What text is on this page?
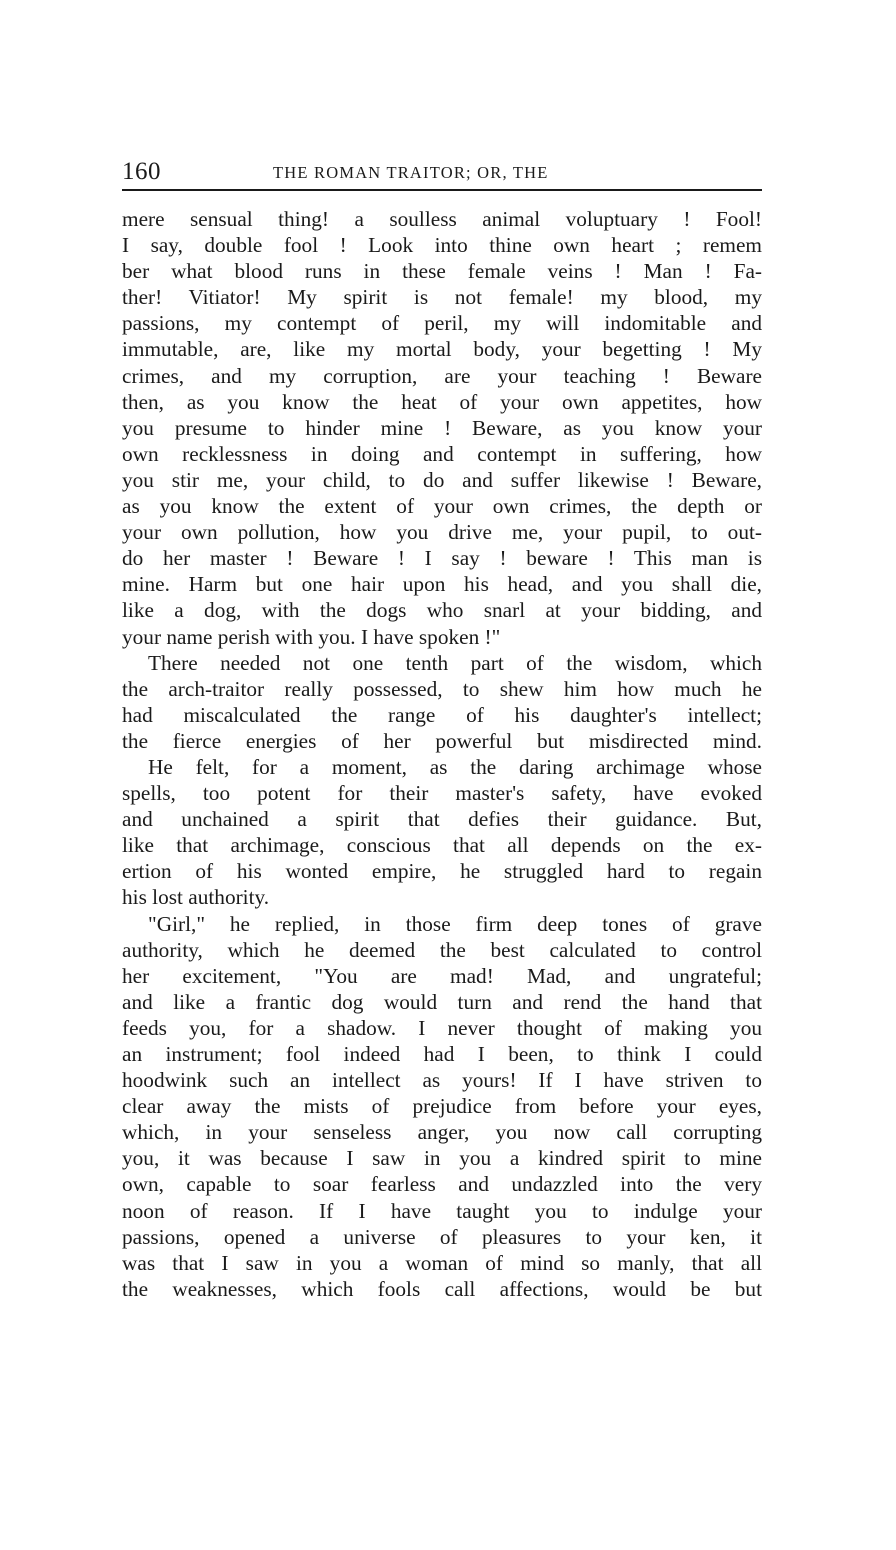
160	THE ROMAN TRAITOR; OR, THE
mere sensual thing! a soulless animal voluptuary ! Fool!
I say, double fool ! Look into thine own heart ; remem
ber what blood runs in these female veins ! Man ! Fa-
ther! Vitiator! My spirit is not female! my blood, my
passions, my contempt of peril, my will indomitable and
immutable, are, like my mortal body, your begetting ! My
crimes, and my corruption, are your teaching ! Beware
then, as you know the heat of your own appetites, how
you presume to hinder mine ! Beware, as you know your
own recklessness in doing and contempt in suffering, how
you stir me, your child, to do and suffer likewise ! Beware,
as you know the extent of your own crimes, the depth or
your own pollution, how you drive me, your pupil, to out-
do her master ! Beware ! I say ! beware ! This man is
mine. Harm but one hair upon his head, and you shall die,
like a dog, with the dogs who snarl at your bidding, and
your name perish with you. I have spoken !"
There needed not one tenth part of the wisdom, which
the arch-traitor really possessed, to shew him how much he
had miscalculated the range of his daughter's intellect;
the fierce energies of her powerful but misdirected mind.
He felt, for a moment, as the daring archimage whose
spells, too potent for their master's safety, have evoked
and unchained a spirit that defies their guidance. But,
like that archimage, conscious that all depends on the ex-
ertion of his wonted empire, he struggled hard to regain
his lost authority.
"Girl," he replied, in those firm deep tones of grave
authority, which he deemed the best calculated to control
her excitement, "You are mad! Mad, and ungrateful;
and like a frantic dog would turn and rend the hand that
feeds you, for a shadow. I never thought of making you
an instrument; fool indeed had I been, to think I could
hoodwink such an intellect as yours! If I have striven to
clear away the mists of prejudice from before your eyes,
which, in your senseless anger, you now call corrupting
you, it was because I saw in you a kindred spirit to mine
own, capable to soar fearless and undazzled into the very
noon of reason. If I have taught you to indulge your
passions, opened a universe of pleasures to your ken, it
was that I saw in you a woman of mind so manly, that all
the weaknesses, which fools call affections, would be but
